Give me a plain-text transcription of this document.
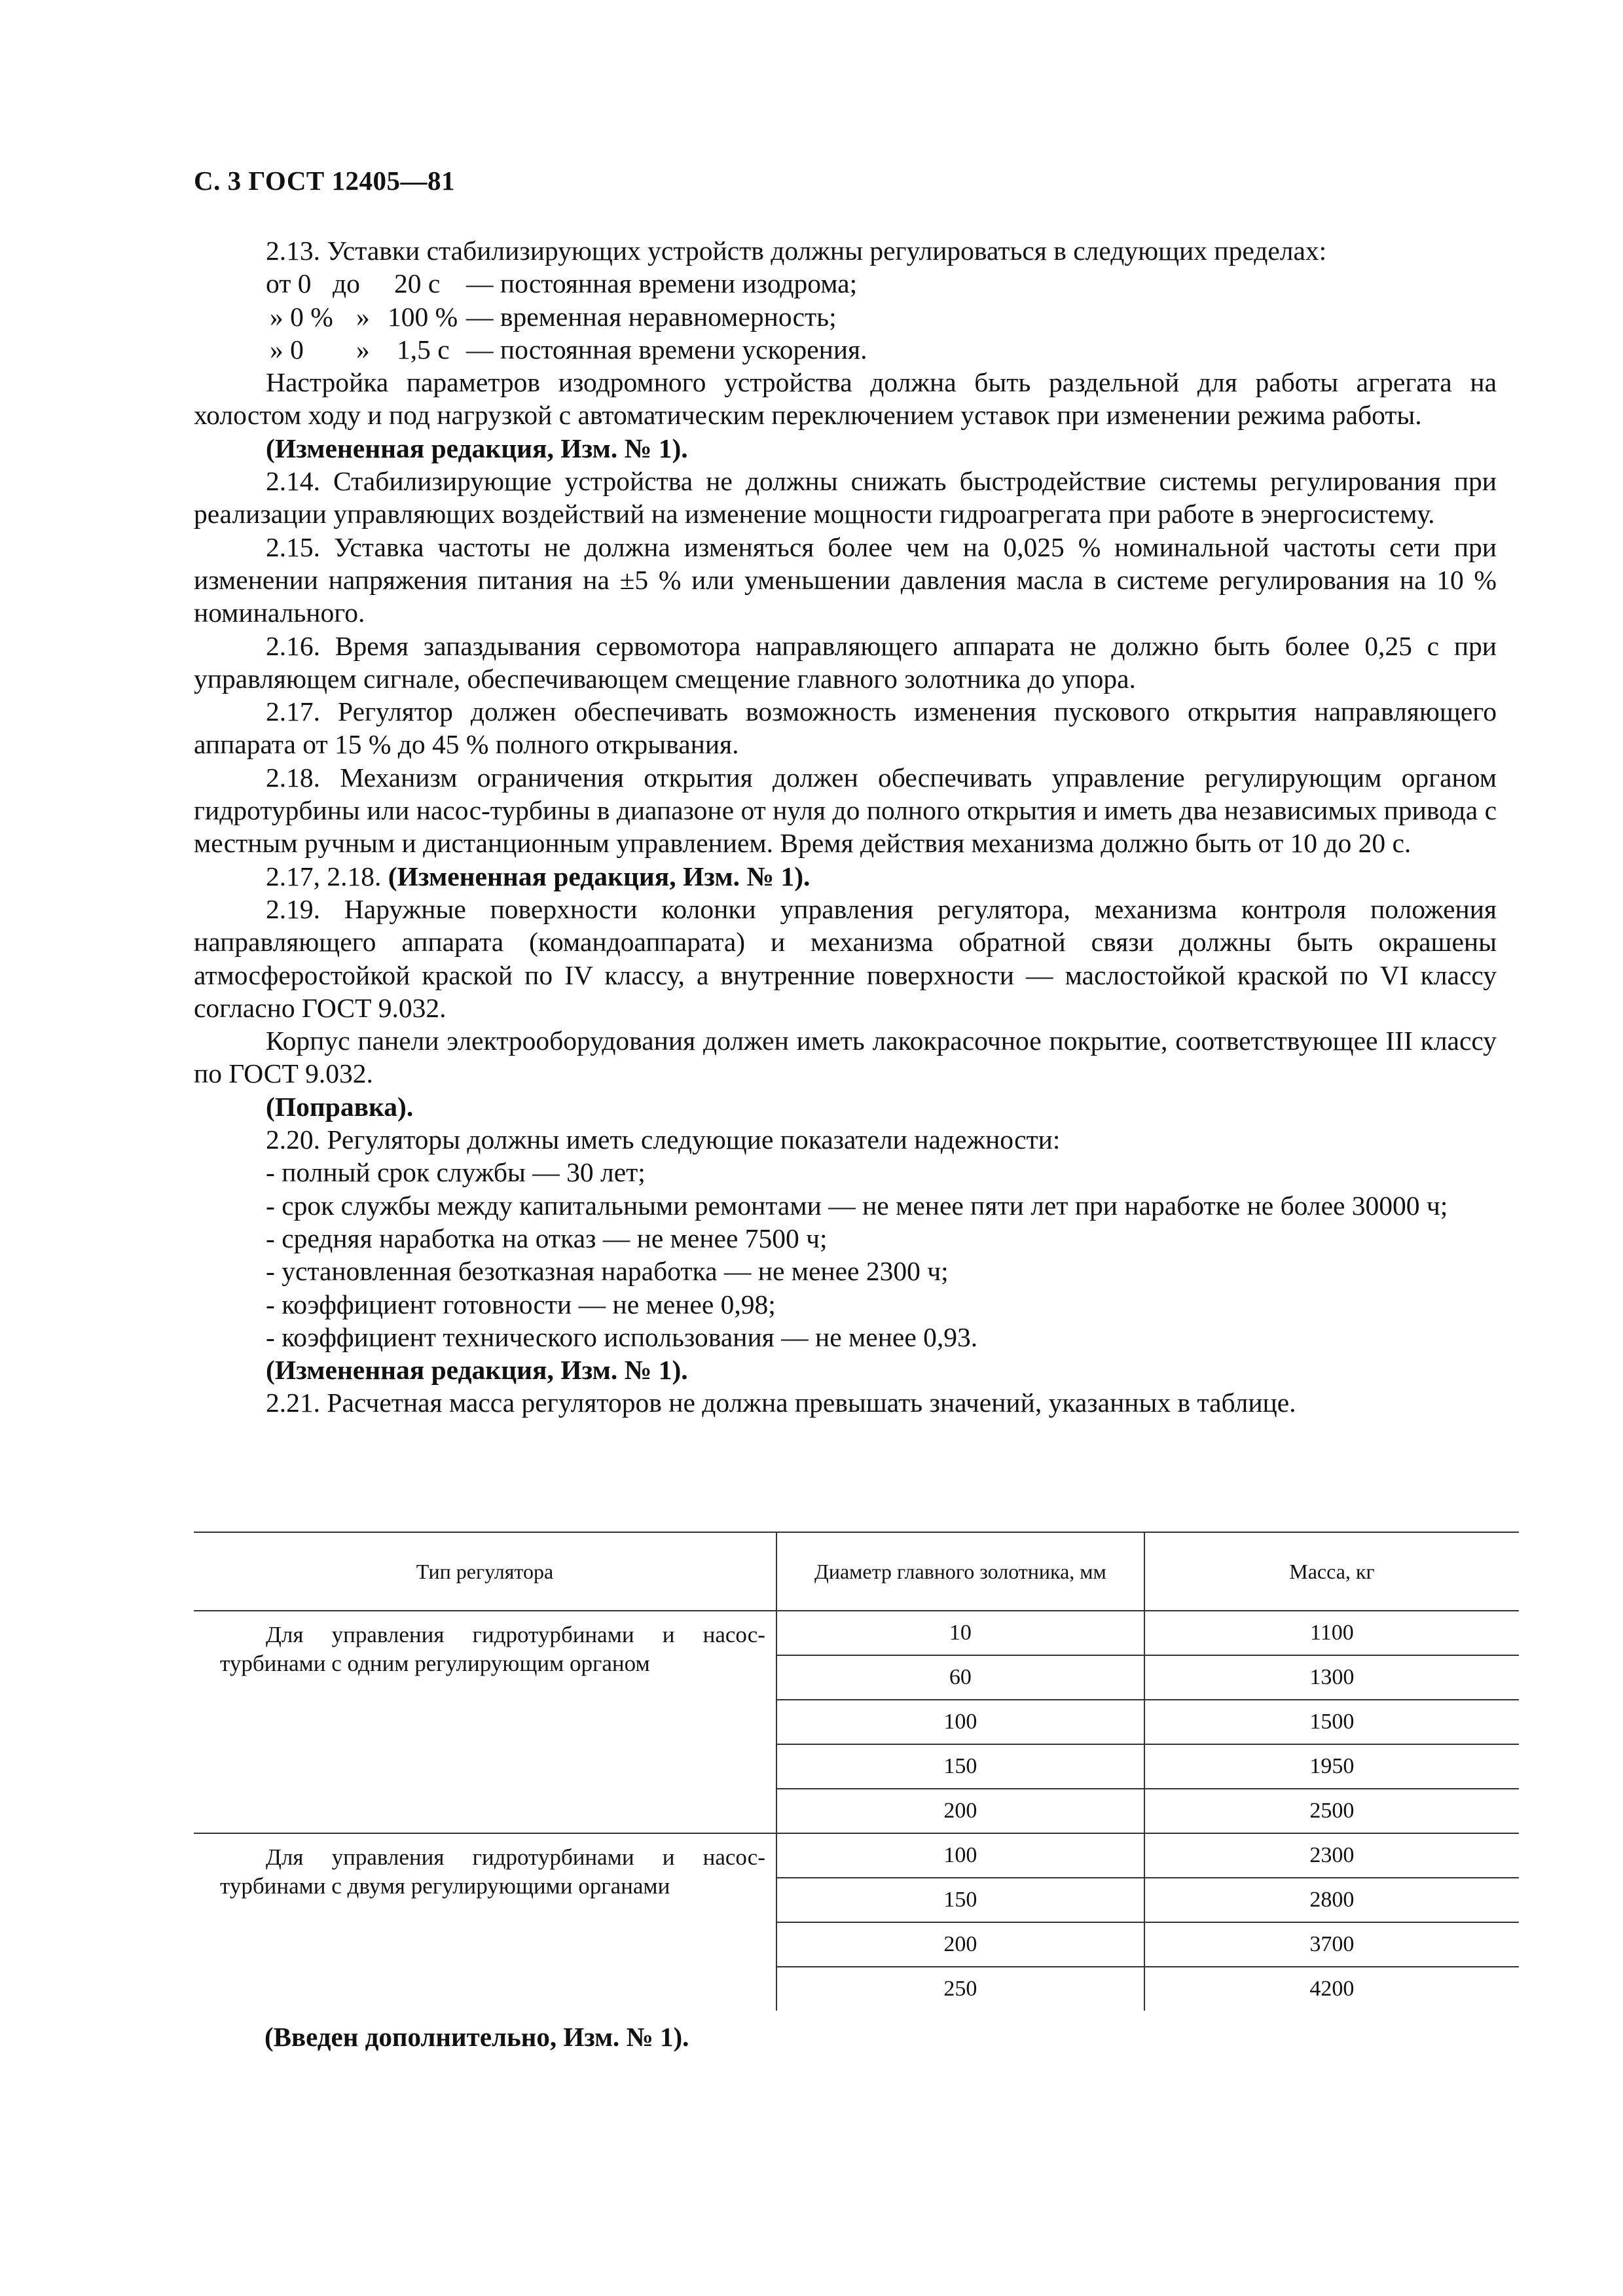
С. 3 ГОСТ 12405—81

2.13. Уставки стабилизирующих устройств должны регулироваться в следующих пределах:

от 0 до 20 с — постоянная времени изодрома;
» 0 % » 100 % — временная неравномерность;
» 0 » 1,5 с — постоянная времени ускорения.

Настройка параметров изодромного устройства должна быть раздельной для работы агрегата на холостом ходу и под нагрузкой с автоматическим переключением уставок при изменении режима работы.

(Измененная редакция, Изм. № 1).

2.14. Стабилизирующие устройства не должны снижать быстродействие системы регулирования при реализации управляющих воздействий на изменение мощности гидроагрегата при работе в энергосистему.

2.15. Уставка частоты не должна изменяться более чем на 0,025 % номинальной частоты сети при изменении напряжения питания на ±5 % или уменьшении давления масла в системе регулирования на 10 % номинального.

2.16. Время запаздывания сервомотора направляющего аппарата не должно быть более 0,25 с при управляющем сигнале, обеспечивающем смещение главного золотника до упора.

2.17. Регулятор должен обеспечивать возможность изменения пускового открытия направляющего аппарата от 15 % до 45 % полного открывания.

2.18. Механизм ограничения открытия должен обеспечивать управление регулирующим органом гидротурбины или насос-турбины в диапазоне от нуля до полного открытия и иметь два независимых привода с местным ручным и дистанционным управлением. Время действия механизма должно быть от 10 до 20 с.

2.17, 2.18. (Измененная редакция, Изм. № 1).

2.19. Наружные поверхности колонки управления регулятора, механизма контроля положения направляющего аппарата (командоаппарата) и механизма обратной связи должны быть окрашены атмосферостойкой краской по IV классу, а внутренние поверхности — маслостойкой краской по VI классу согласно ГОСТ 9.032.

Корпус панели электрооборудования должен иметь лакокрасочное покрытие, соответствующее III классу по ГОСТ 9.032.

(Поправка).

2.20. Регуляторы должны иметь следующие показатели надежности:

- полный срок службы — 30 лет;

- срок службы между капитальными ремонтами — не менее пяти лет при наработке не более 30000 ч;

- средняя наработка на отказ — не менее 7500 ч;

- установленная безотказная наработка — не менее 2300 ч;

- коэффициент готовности — не менее 0,98;

- коэффициент технического использования — не менее 0,93.

(Измененная редакция, Изм. № 1).

2.21. Расчетная масса регуляторов не должна превышать значений, указанных в таблице.

Тип регулятора	Диаметр главного золотника, мм	Масса, кг

Для управления гидротурбинами и насос-турбинами с одним регулирующим органом	10	1100
	60	1300
	100	1500
	150	1950
	200	2500

Для управления гидротурбинами и насос-турбинами с двумя регулирующими органами	100	2300
	150	2800
	200	3700
	250	4200
(Введен дополнительно, Изм. № 1).
